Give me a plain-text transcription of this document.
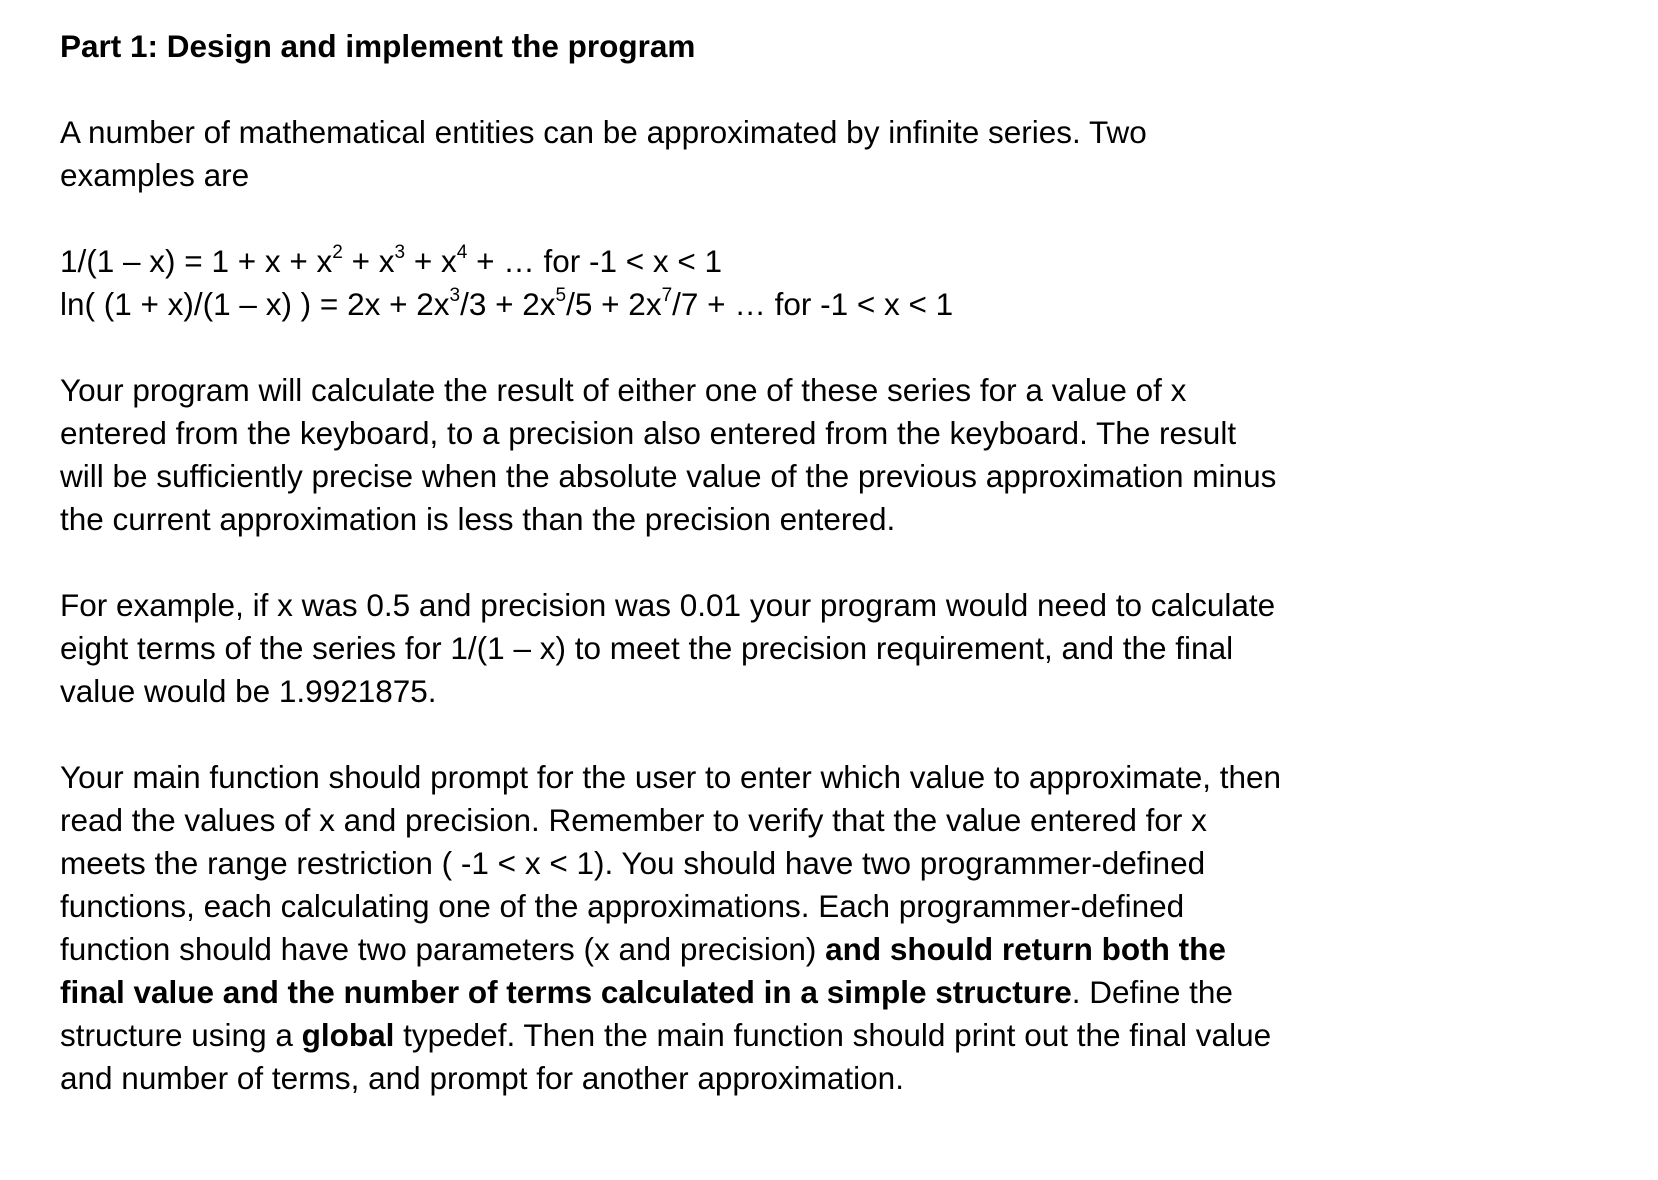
Part 1: Design and implement the program
A number of mathematical entities can be approximated by infinite series. Two
examples are
$1/(1 - x) = 1 + x + x^2 + x^3 + x^4$ + … for -1 < x < 1
ln( (1 + x)/(1 – x) ) = $2x + 2x^3/3 + 2x^5/5 + 2x^7/7$ + … for -1 < x < 1
Your program will calculate the result of either one of these series for a value of x
entered from the keyboard, to a precision also entered from the keyboard. The result
will be sufficiently precise when the absolute value of the previous approximation minus
the current approximation is less than the precision entered.
For example, if x was 0.5 and precision was 0.01 your program would need to calculate
eight terms of the series for 1/(1 – x) to meet the precision requirement, and the final
value would be 1.9921875.
Your main function should prompt for the user to enter which value to approximate, then
read the values of x and precision. Remember to verify that the value entered for x
meets the range restriction ( -1 < x < 1). You should have two programmer-defined
functions, each calculating one of the approximations. Each programmer-defined
function should have two parameters (x and precision) and should return both the
final value and the number of terms calculated in a simple structure. Define the
structure using a global typedef. Then the main function should print out the final value
and number of terms, and prompt for another approximation.
